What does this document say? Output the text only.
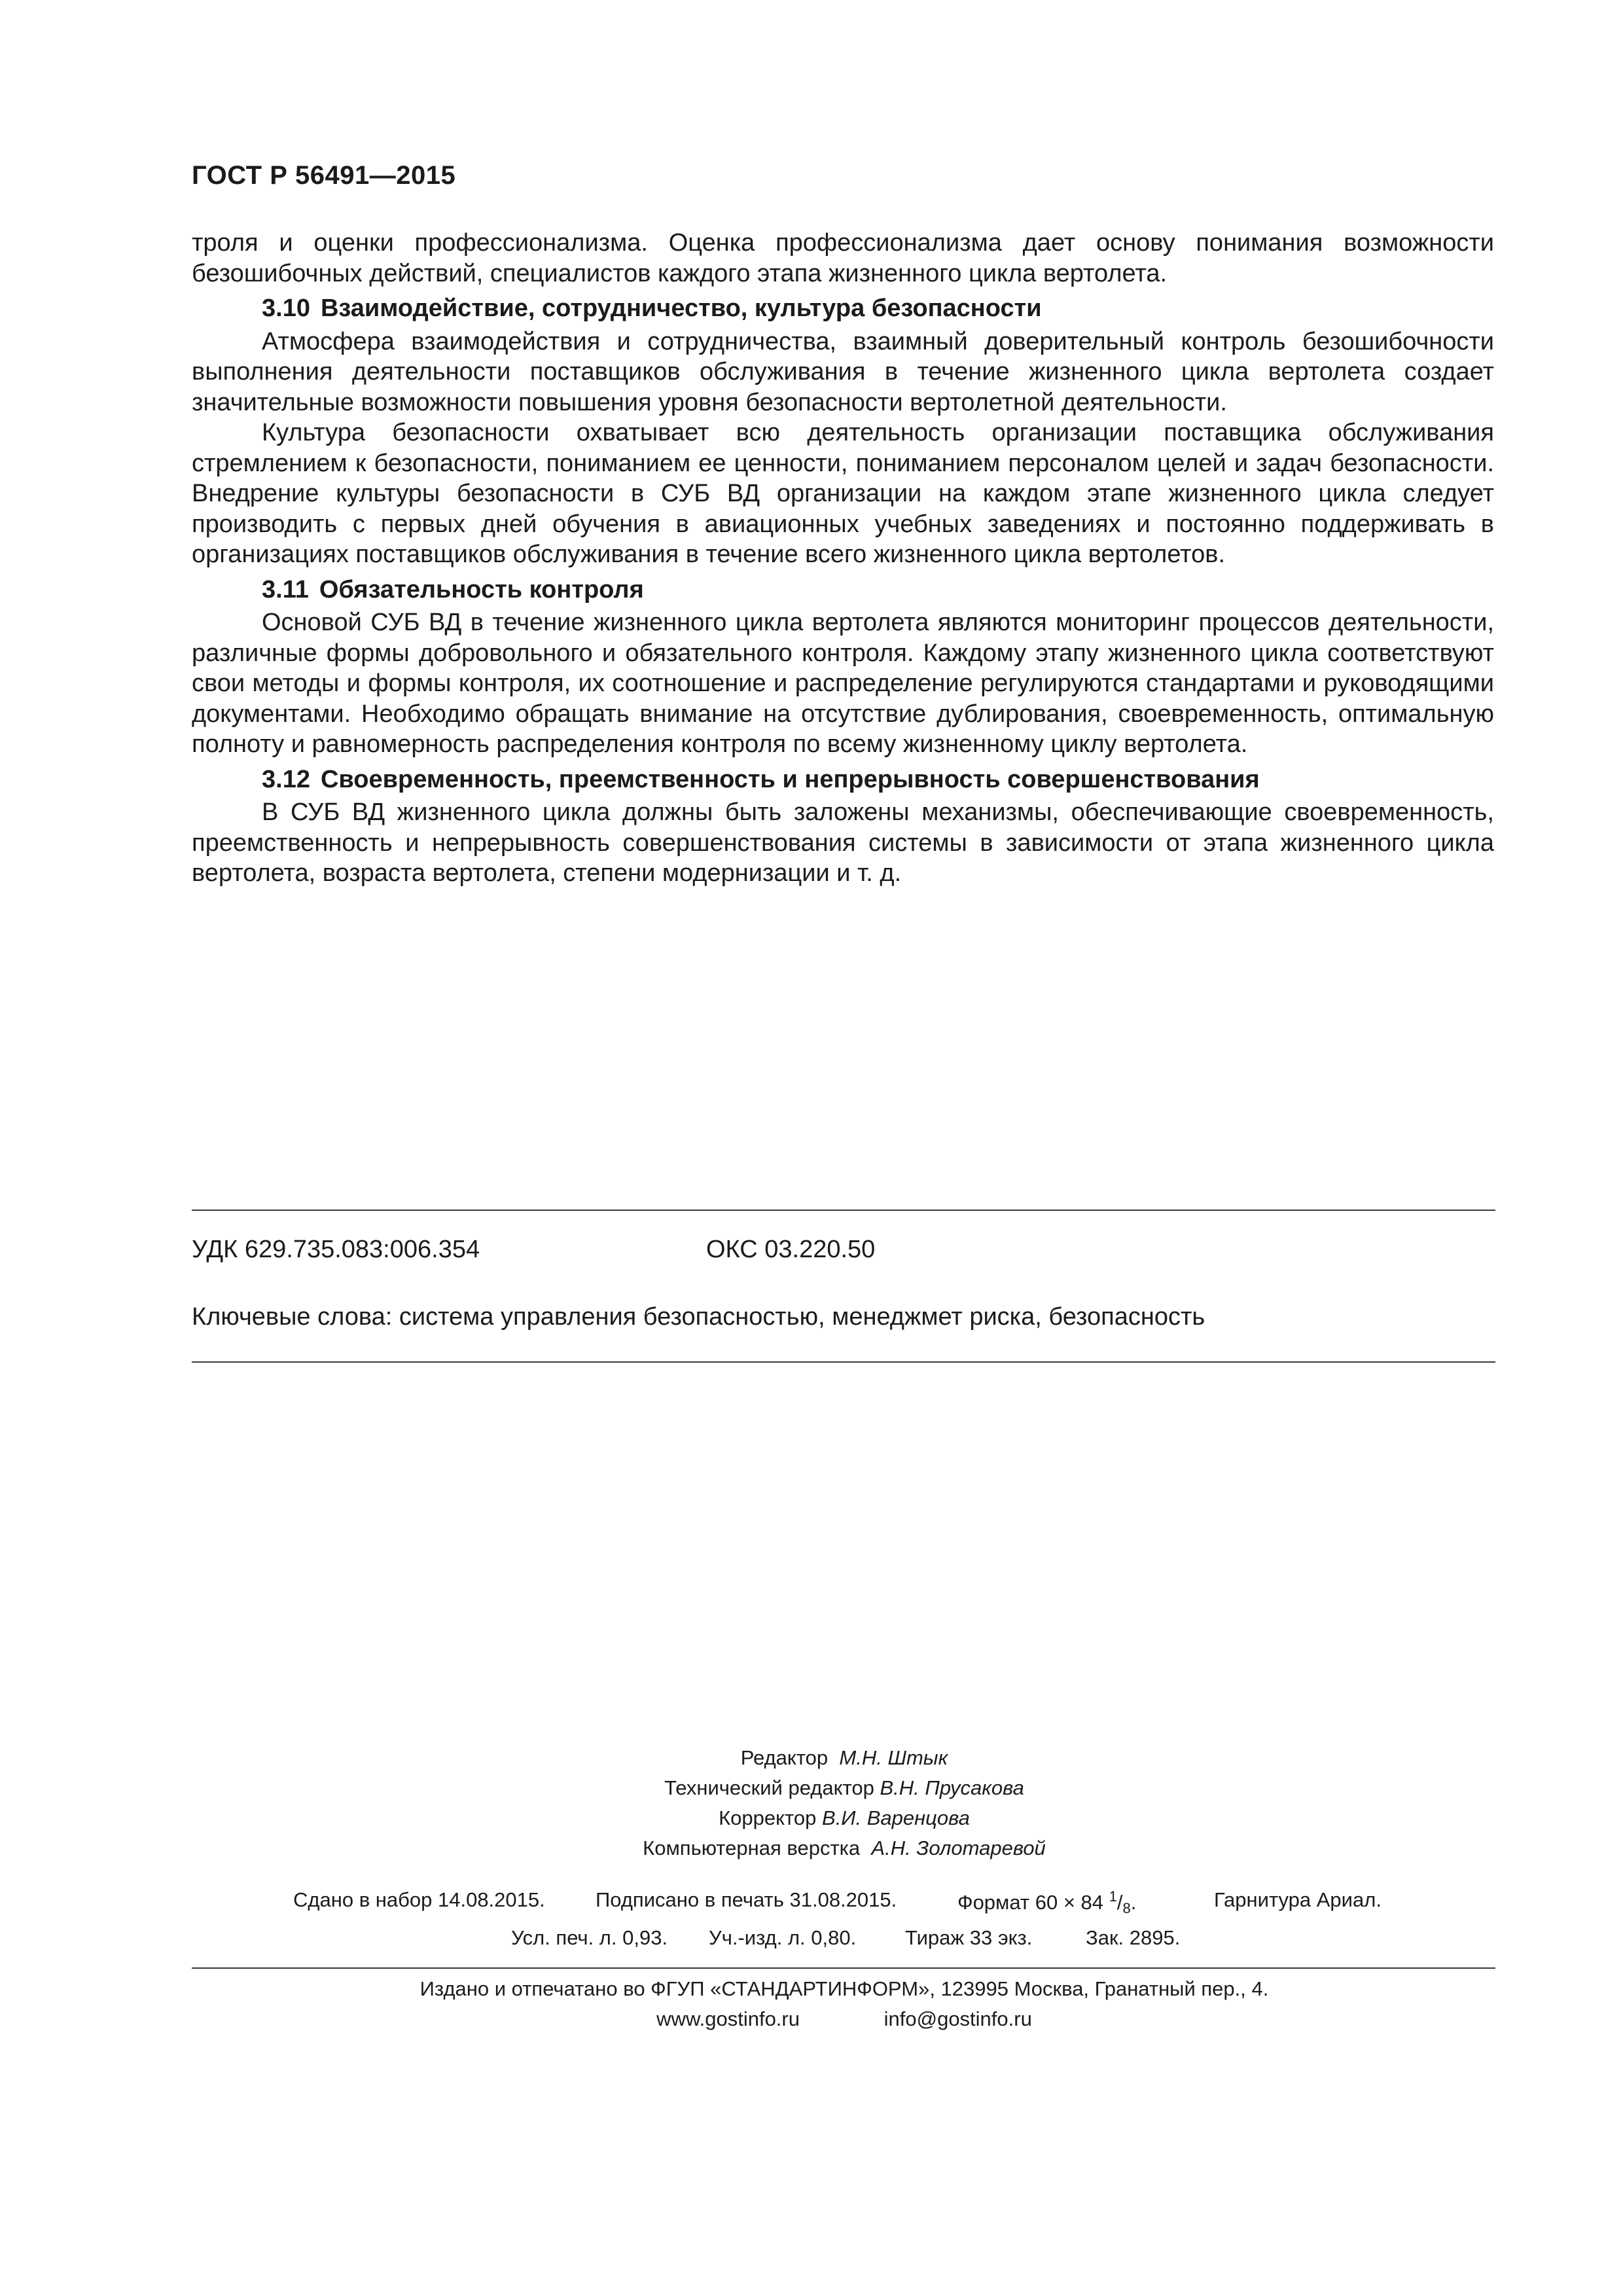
ГОСТ Р 56491—2015

троля и оценки профессионализма. Оценка профессионализма дает основу понимания возможности безошибочных действий, специалистов каждого этапа жизненного цикла вертолета.

3.10 Взаимодействие, сотрудничество, культура безопасности

Атмосфера взаимодействия и сотрудничества, взаимный доверительный контроль безошибочности выполнения деятельности поставщиков обслуживания в течение жизненного цикла вертолета создает значительные возможности повышения уровня безопасности вертолетной деятельности.

Культура безопасности охватывает всю деятельность организации поставщика обслуживания стремлением к безопасности, пониманием ее ценности, пониманием персоналом целей и задач безопасности. Внедрение культуры безопасности в СУБ ВД организации на каждом этапе жизненного цикла следует производить с первых дней обучения в авиационных учебных заведениях и постоянно поддерживать в организациях поставщиков обслуживания в течение всего жизненного цикла вертолетов.

3.11 Обязательность контроля

Основой СУБ ВД в течение жизненного цикла вертолета являются мониторинг процессов деятельности, различные формы добровольного и обязательного контроля. Каждому этапу жизненного цикла соответствуют свои методы и формы контроля, их соотношение и распределение регулируются стандартами и руководящими документами. Необходимо обращать внимание на отсутствие дублирования, своевременность, оптимальную полноту и равномерность распределения контроля по всему жизненному циклу вертолета.

3.12 Своевременность, преемственность и непрерывность совершенствования

В СУБ ВД жизненного цикла должны быть заложены механизмы, обеспечивающие своевременность, преемственность и непрерывность совершенствования системы в зависимости от этапа жизненного цикла вертолета, возраста вертолета, степени модернизации и т. д.

УДК 629.735.083:006.354	ОКС 03.220.50
Ключевые слова: система управления безопасностью, менеджмет риска, безопасность
Редактор М.Н. Штык
Технический редактор В.Н. Прусакова
Корректор В.И. Варенцова
Компьютерная верстка А.Н. Золотаревой
Сдано в набор 14.08.2015. Подписано в печать 31.08.2015.	Формат 60 × 84 $^1/_8$.	Гарнитура Ариал.
Усл. печ. л. 0,93. Уч.-изд. л. 0,80. Тираж 33 экз.	Зак. 2895.
Издано и отпечатано во ФГУП «СТАНДАРТИНФОРМ», 123995 Москва, Гранатный пер., 4.
www.gostinfo.ru	info@gostinfo.ru
